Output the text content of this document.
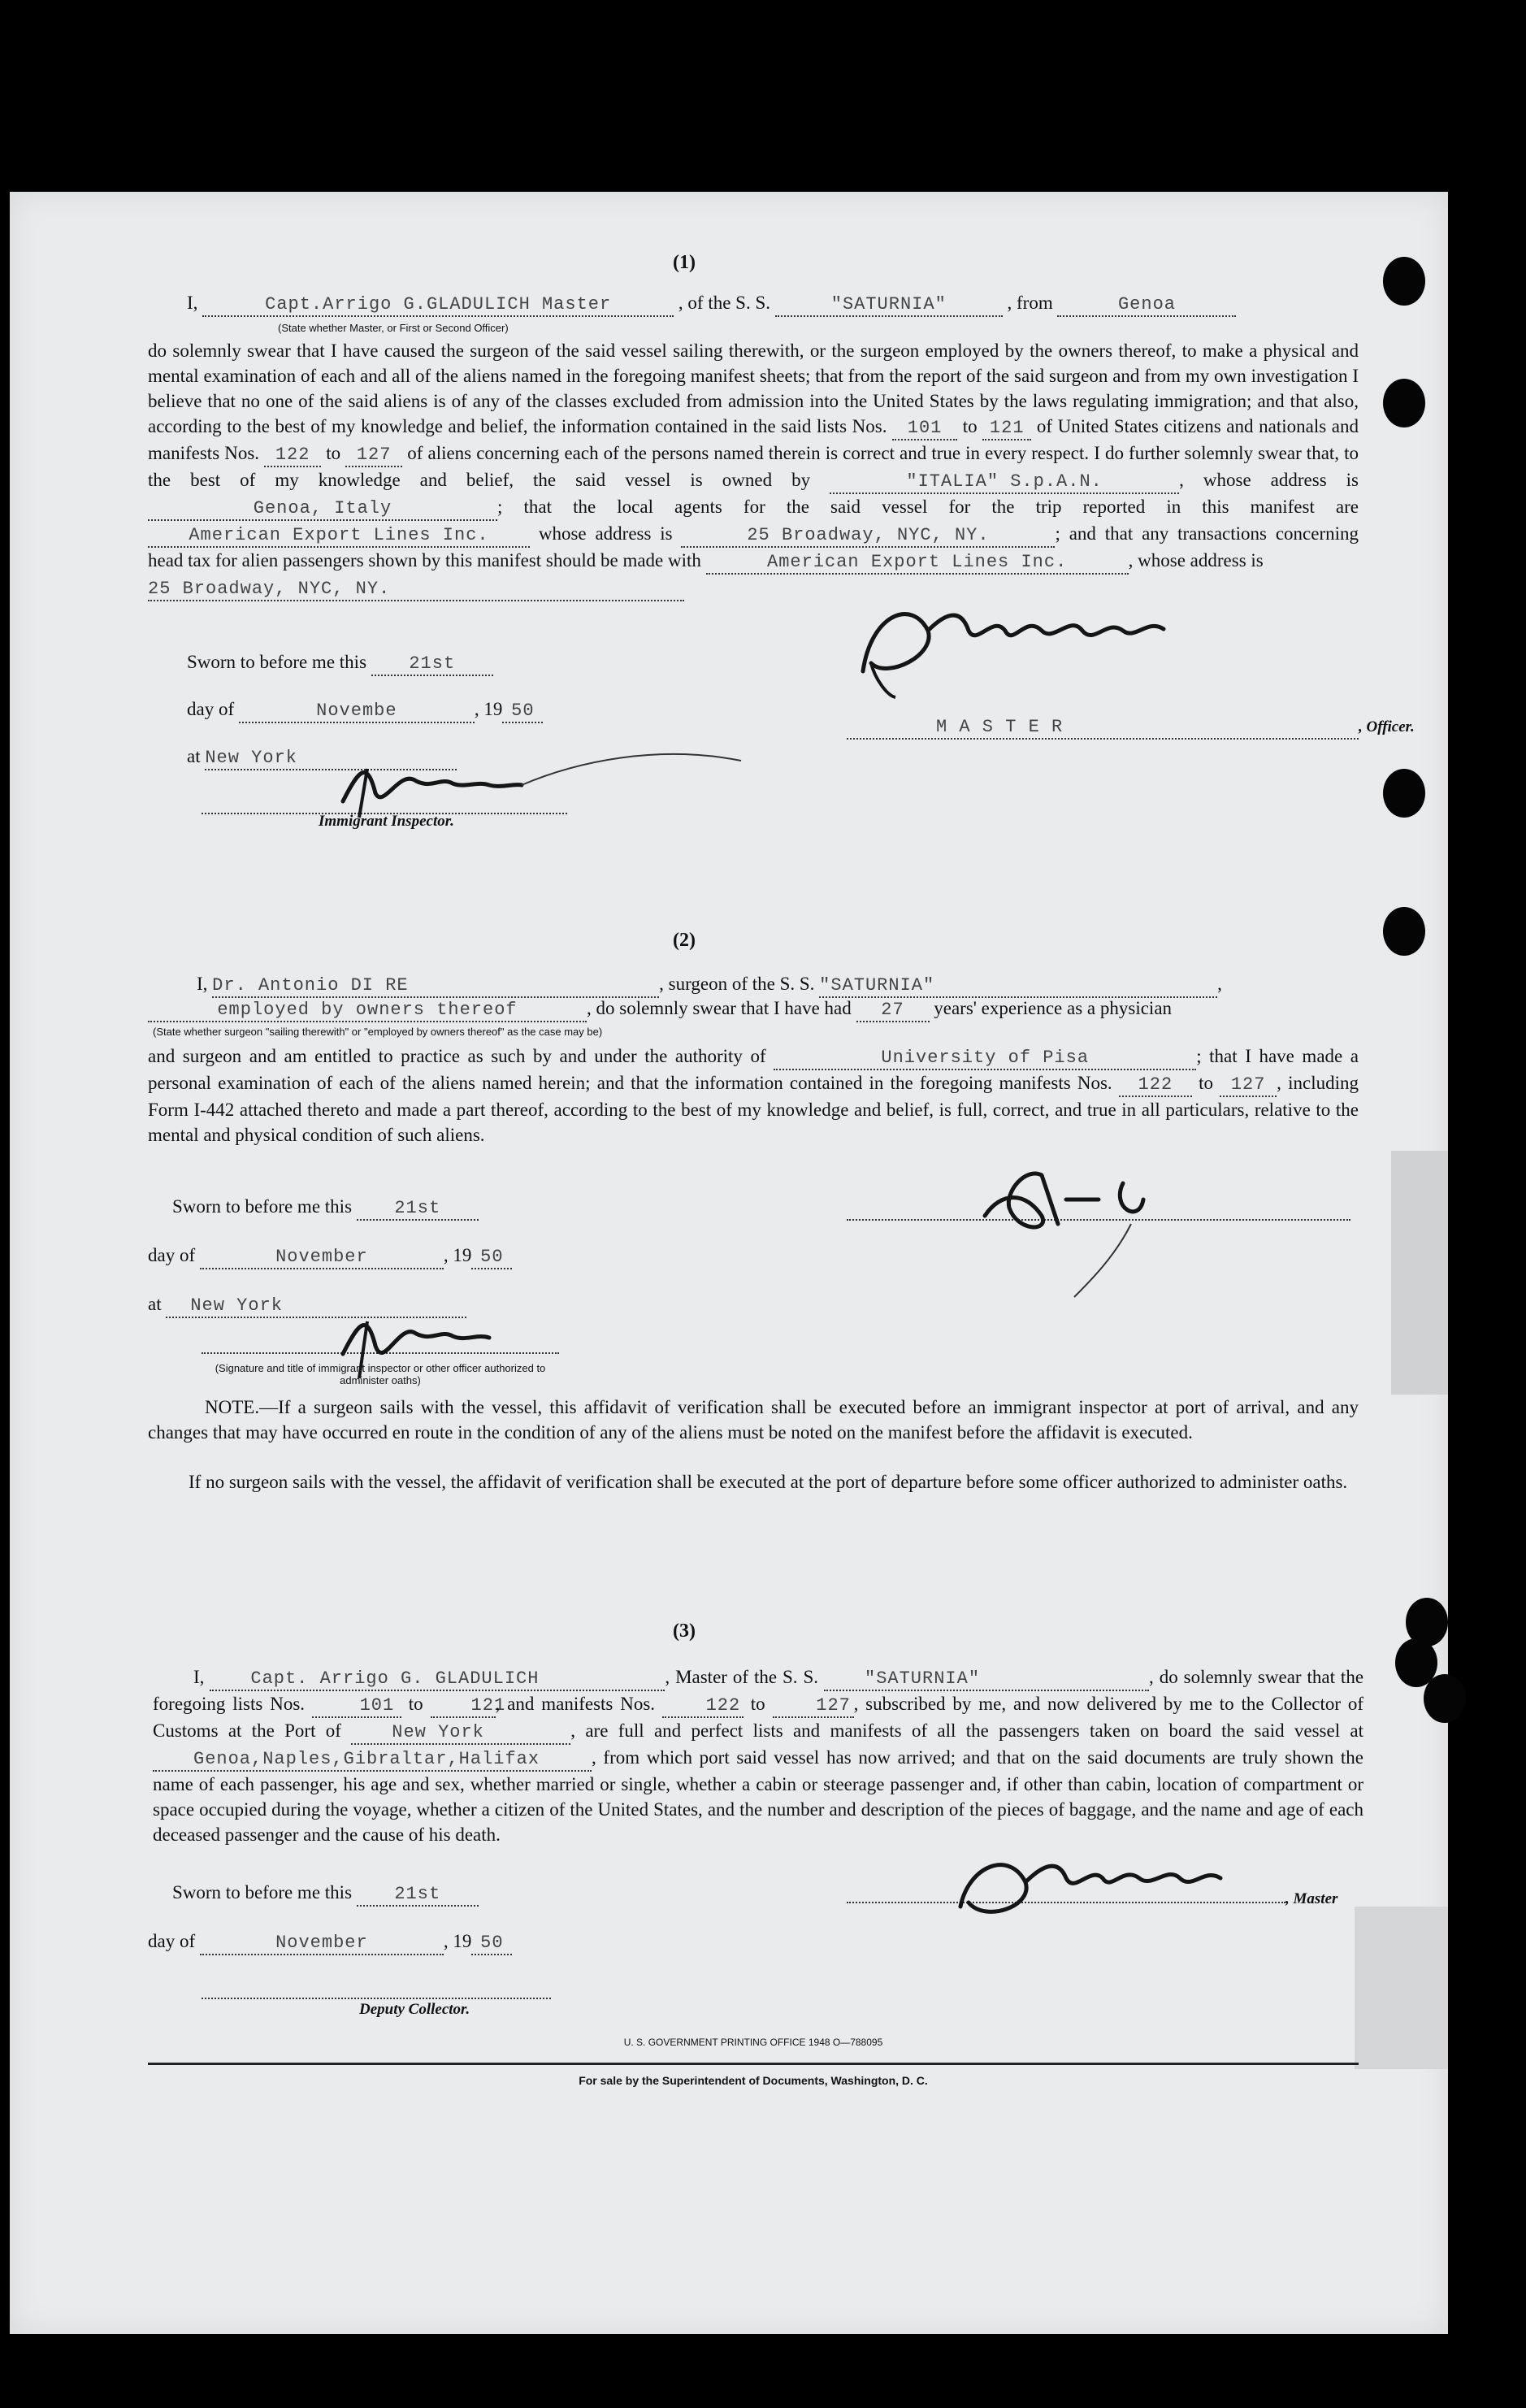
(1)
I,	Capt.Arrigo G.GLADULICH Master	, of the S. S.	"SATURNIA"	, from	Genoa
(State whether Master, or First or Second Officer)
do solemnly swear that I have caused the surgeon of the said vessel sailing therewith, or the surgeon employed by the owners thereof, to make a physical and mental examination of each and all of the aliens named in the foregoing manifest sheets; that from the report of the said surgeon and from my own investigation I believe that no one of the said aliens is of any of the classes excluded from admission into the United States by the laws regulating immigration; and that also, according to the best of my knowledge and belief, the information contained in the said lists Nos. 101 to 121 of United States citizens and nationals and manifests Nos. 122 to 127 of aliens concerning each of the persons named therein is correct and true in every respect. I do further solemnly swear that, to the best of my knowledge and belief, the said vessel is owned by	"ITALIA" S.p.A.N.	, whose address is Genoa, Italy	; that the local agents for the said vessel for the trip reported in this manifest are American Export Lines Inc.	whose address is	25 Broadway, NYC, NY.	; and that any transactions concerning head tax for alien passengers shown by this manifest should be made with	American Export Lines Inc.	, whose address is
25 Broadway, NYC, NY.
Sworn to before me this 21st
day of	Novembe	, 19 50
at New York
M A S T E R	, Officer.
Immigrant Inspector.
(2)
I, Dr. Antonio DI RE	, surgeon of the S. S. "SATURNIA"	,
employed by owners thereof	, do solemnly swear that I have had 27 years' experience as a physician
(State whether surgeon "sailing therewith" or "employed by owners thereof" as the case may be)
and surgeon and am entitled to practice as such by and under the authority of	University of Pisa	; that I have made a personal examination of each of the aliens named herein; and that the information contained in the foregoing manifests Nos. 122 to 127 , including Form I-442 attached thereto and made a part thereof, according to the best of my knowledge and belief, is full, correct, and true in all particulars, relative to the mental and physical condition of such aliens.
Sworn to before me this 21st
day of	November	, 19 50
at New York
(Signature and title of immigrant inspector or other officer authorized to administer oaths)
NOTE.—If a surgeon sails with the vessel, this affidavit of verification shall be executed before an immigrant inspector at port of arrival, and any changes that may have occurred en route in the condition of any of the aliens must be noted on the manifest before the affidavit is executed.
If no surgeon sails with the vessel, the affidavit of verification shall be executed at the port of departure before some officer authorized to administer oaths.
(3)
I,	Capt. Arrigo G. GLADULICH	, Master of the S. S.	"SATURNIA"	, do solemnly swear that the foregoing lists Nos.	101 to	121, and manifests Nos.	122 to	127 , subscribed by me, and now delivered by me to the Collector of Customs at the Port of	New York	, are full and perfect lists and manifests of all the passengers taken on board the said vessel at Genoa,Naples,Gibraltar,Halifax	, from which port said vessel has now arrived; and that on the said documents are truly shown the name of each passenger, his age and sex, whether married or single, whether a cabin or steerage passenger and, if other than cabin, location of compartment or space occupied during the voyage, whether a citizen of the United States, and the number and description of the pieces of baggage, and the name and age of each deceased passenger and the cause of his death.
Sworn to before me this 21st	, Master
day of	November	, 19 50
Deputy Collector.
U. S. GOVERNMENT PRINTING OFFICE 1948 O—788095
For sale by the Superintendent of Documents, Washington, D. C.
